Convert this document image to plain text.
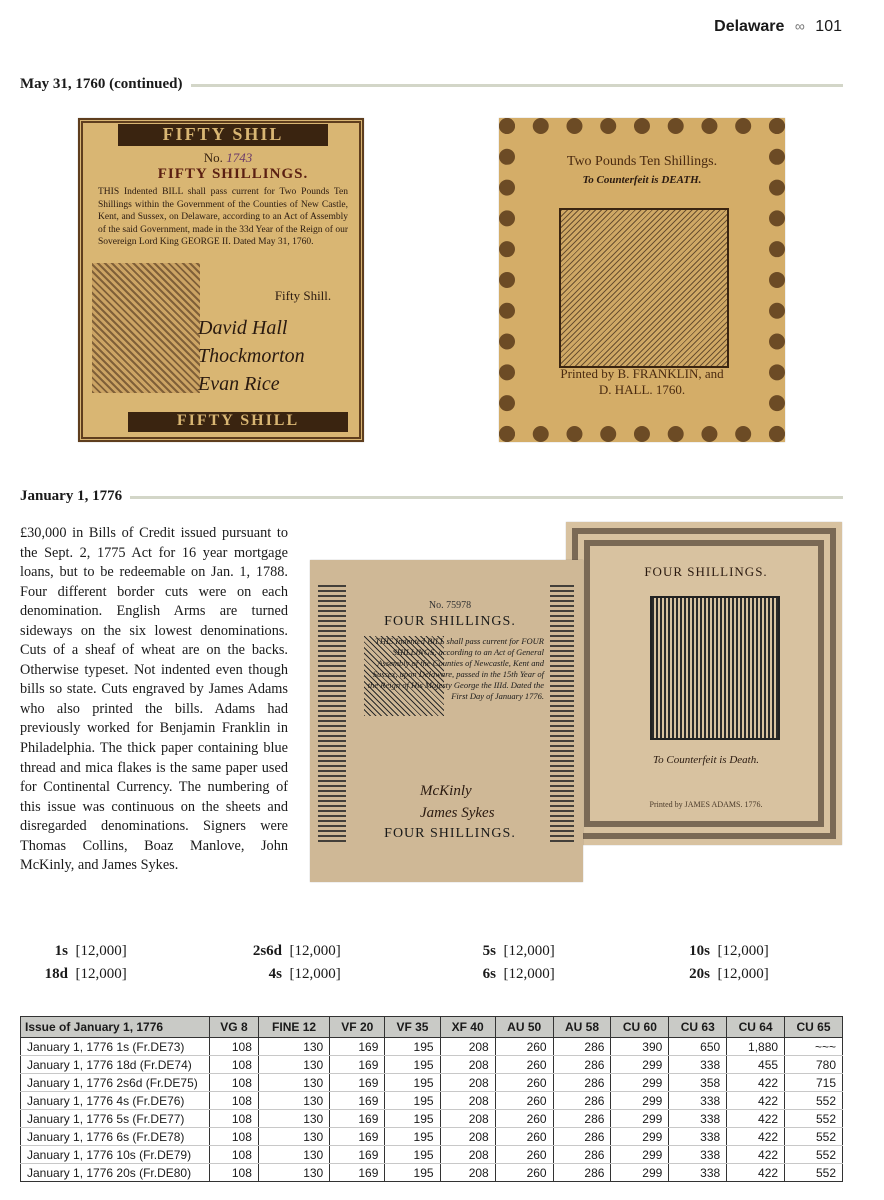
Delaware ∞ 101
May 31, 1760 (continued)
FIFTY SHIL
No. 1743
FIFTY SHILLINGS.
THIS Indented BILL shall pass current for Two Pounds Ten Shillings within the Government of the Counties of New Castle, Kent, and Sussex, on Delaware, according to an Act of Assembly of the said Government, made in the 33d Year of the Reign of our Sovereign Lord King GEORGE II. Dated May 31, 1760.
Fifty Shill.
David Hall
Thockmorton
Evan Rice
FIFTY SHILL
Two Pounds Ten Shillings.
To Counterfeit is DEATH.
Printed by B. FRANKLIN, and
D. HALL. 1760.
January 1, 1776
£30,000 in Bills of Credit issued pursuant to the Sept. 2, 1775 Act for 16 year mortgage loans, but to be redeemable on Jan. 1, 1788. Four different border cuts were on each denomination. English Arms are turned sideways on the six lowest denominations. Cuts of a sheaf of wheat are on the backs. Otherwise typeset. Not indented even though bills so state. Cuts engraved by James Adams who also printed the bills. Adams had previously worked for Benjamin Franklin in Philadelphia. The thick paper containing blue thread and mica flakes is the same paper used for Continental Currency. The numbering of this issue was continuous on the sheets and disregarded denominations. Signers were Thomas Collins, Boaz Manlove, John McKinly, and James Sykes.
FOUR SHILLINGS.
To Counterfeit is Death.
Printed by JAMES ADAMS. 1776.
No. 75978
FOUR SHILLINGS.
THIS Indented BILL shall pass current for FOUR SHILLINGS, according to an Act of General Assembly of the Counties of Newcastle, Kent and Sussex, upon Delaware, passed in the 15th Year of the Reign of His Majesty George the IIId. Dated the First Day of January 1776.
McKinly
James Sykes
FOUR SHILLINGS.
1s [12,000]	2s6d [12,000]	5s [12,000]	10s [12,000]
18d [12,000]	4s [12,000]	6s [12,000]	20s [12,000]
Issue of January 1, 1776	VG 8	FINE 12	VF 20	VF 35	XF 40	AU 50	AU 58	CU 60	CU 63	CU 64	CU 65
January 1, 1776 1s (Fr.DE73)	108	130	169	195	208	260	286	390	650	1,880	~~~
January 1, 1776 18d (Fr.DE74)	108	130	169	195	208	260	286	299	338	455	780
January 1, 1776 2s6d (Fr.DE75)	108	130	169	195	208	260	286	299	358	422	715
January 1, 1776 4s (Fr.DE76)	108	130	169	195	208	260	286	299	338	422	552
January 1, 1776 5s (Fr.DE77)	108	130	169	195	208	260	286	299	338	422	552
January 1, 1776 6s (Fr.DE78)	108	130	169	195	208	260	286	299	338	422	552
January 1, 1776 10s (Fr.DE79)	108	130	169	195	208	260	286	299	338	422	552
January 1, 1776 20s (Fr.DE80)	108	130	169	195	208	260	286	299	338	422	552
